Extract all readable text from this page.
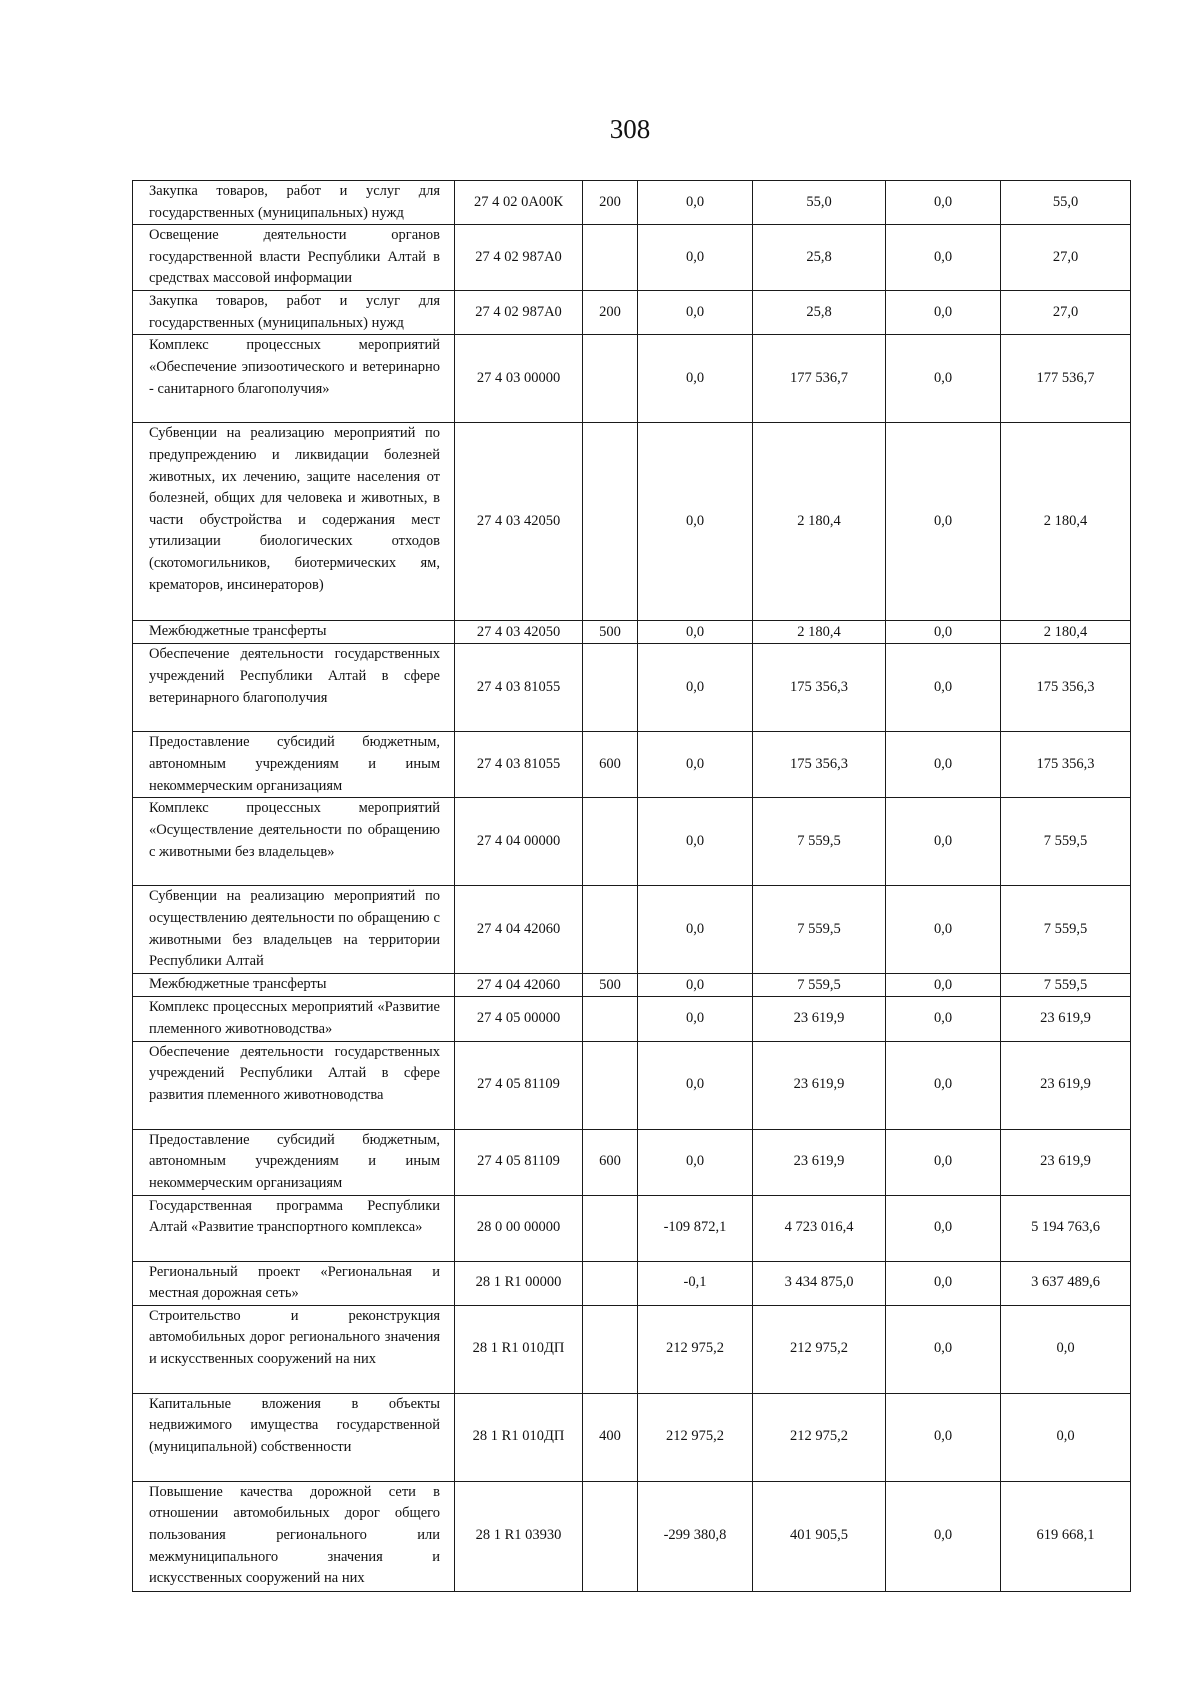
308
Закупка товаров, работ и услуг для государственных (муниципальных) нужд	27 4 02 0А00К	200	0,0	55,0	0,0	55,0
Освещение деятельности органов государственной власти Республики Алтай в средствах массовой информации	27 4 02 987А0		0,0	25,8	0,0	27,0
Закупка товаров, работ и услуг для государственных (муниципальных) нужд	27 4 02 987А0	200	0,0	25,8	0,0	27,0
Комплекс процессных мероприятий «Обеспечение эпизоотического и ветеринарно - санитарного благополучия»	27 4 03 00000		0,0	177 536,7	0,0	177 536,7
Субвенции на реализацию мероприятий по предупреждению и ликвидации болезней животных, их лечению, защите населения от болезней, общих для человека и животных, в части обустройства и содержания мест утилизации биологических отходов (скотомогильников, биотермических ям, крематоров, инсинераторов)	27 4 03 42050		0,0	2 180,4	0,0	2 180,4
Межбюджетные трансферты	27 4 03 42050	500	0,0	2 180,4	0,0	2 180,4
Обеспечение деятельности государственных учреждений Республики Алтай в сфере ветеринарного благополучия	27 4 03 81055		0,0	175 356,3	0,0	175 356,3
Предоставление субсидий бюджетным, автономным учреждениям и иным некоммерческим организациям	27 4 03 81055	600	0,0	175 356,3	0,0	175 356,3
Комплекс процессных мероприятий «Осуществление деятельности по обращению с животными без владельцев»	27 4 04 00000		0,0	7 559,5	0,0	7 559,5
Субвенции на реализацию мероприятий по осуществлению деятельности по обращению с животными без владельцев на территории Республики Алтай	27 4 04 42060		0,0	7 559,5	0,0	7 559,5
Межбюджетные трансферты	27 4 04 42060	500	0,0	7 559,5	0,0	7 559,5
Комплекс процессных мероприятий «Развитие племенного животноводства»	27 4 05 00000		0,0	23 619,9	0,0	23 619,9
Обеспечение деятельности государственных учреждений Республики Алтай в сфере развития племенного животноводства	27 4 05 81109		0,0	23 619,9	0,0	23 619,9
Предоставление субсидий бюджетным, автономным учреждениям и иным некоммерческим организациям	27 4 05 81109	600	0,0	23 619,9	0,0	23 619,9
Государственная программа Республики Алтай «Развитие транспортного комплекса»	28 0 00 00000		-109 872,1	4 723 016,4	0,0	5 194 763,6
Региональный проект «Региональная и местная дорожная сеть»	28 1 R1 00000		-0,1	3 434 875,0	0,0	3 637 489,6
Строительство и реконструкция автомобильных дорог регионального значения и искусственных сооружений на них	28 1 R1 010ДП		212 975,2	212 975,2	0,0	0,0
Капитальные вложения в объекты недвижимого имущества государственной (муниципальной) собственности	28 1 R1 010ДП	400	212 975,2	212 975,2	0,0	0,0
Повышение качества дорожной сети в отношении автомобильных дорог общего пользования регионального или межмуниципального значения и искусственных сооружений на них	28 1 R1 03930		-299 380,8	401 905,5	0,0	619 668,1
